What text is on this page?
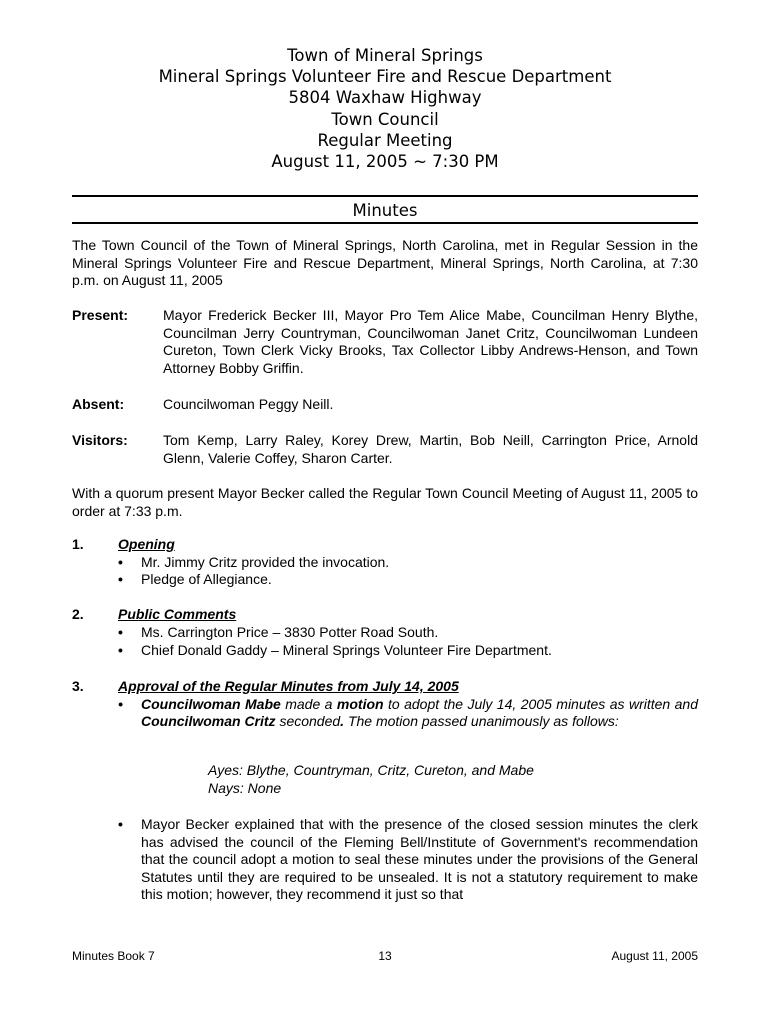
Town of Mineral Springs
Mineral Springs Volunteer Fire and Rescue Department
5804 Waxhaw Highway
Town Council
Regular Meeting
August 11, 2005 ~ 7:30 PM
Minutes
The Town Council of the Town of Mineral Springs, North Carolina, met in Regular Session in the Mineral Springs Volunteer Fire and Rescue Department, Mineral Springs, North Carolina, at 7:30 p.m. on August 11, 2005
Present: Mayor Frederick Becker III, Mayor Pro Tem Alice Mabe, Councilman Henry Blythe, Councilman Jerry Countryman, Councilwoman Janet Critz, Councilwoman Lundeen Cureton, Town Clerk Vicky Brooks, Tax Collector Libby Andrews-Henson, and Town Attorney Bobby Griffin.
Absent:	Councilwoman Peggy Neill.
Visitors:	Tom Kemp, Larry Raley, Korey Drew, Martin, Bob Neill, Carrington Price, Arnold Glenn, Valerie Coffey, Sharon Carter.
With a quorum present Mayor Becker called the Regular Town Council Meeting of August 11, 2005 to order at 7:33 p.m.
1. Opening
• Mr. Jimmy Critz provided the invocation.
• Pledge of Allegiance.
2. Public Comments
• Ms. Carrington Price – 3830 Potter Road South.
• Chief Donald Gaddy – Mineral Springs Volunteer Fire Department.
3. Approval of the Regular Minutes from July 14, 2005
• Councilwoman Mabe made a motion to adopt the July 14, 2005 minutes as written and Councilwoman Critz seconded. The motion passed unanimously as follows:
Ayes: Blythe, Countryman, Critz, Cureton, and Mabe
Nays: None
• Mayor Becker explained that with the presence of the closed session minutes the clerk has advised the council of the Fleming Bell/Institute of Government's recommendation that the council adopt a motion to seal these minutes under the provisions of the General Statutes until they are required to be unsealed. It is not a statutory requirement to make this motion; however, they recommend it just so that
Minutes Book 7	13	August 11, 2005
